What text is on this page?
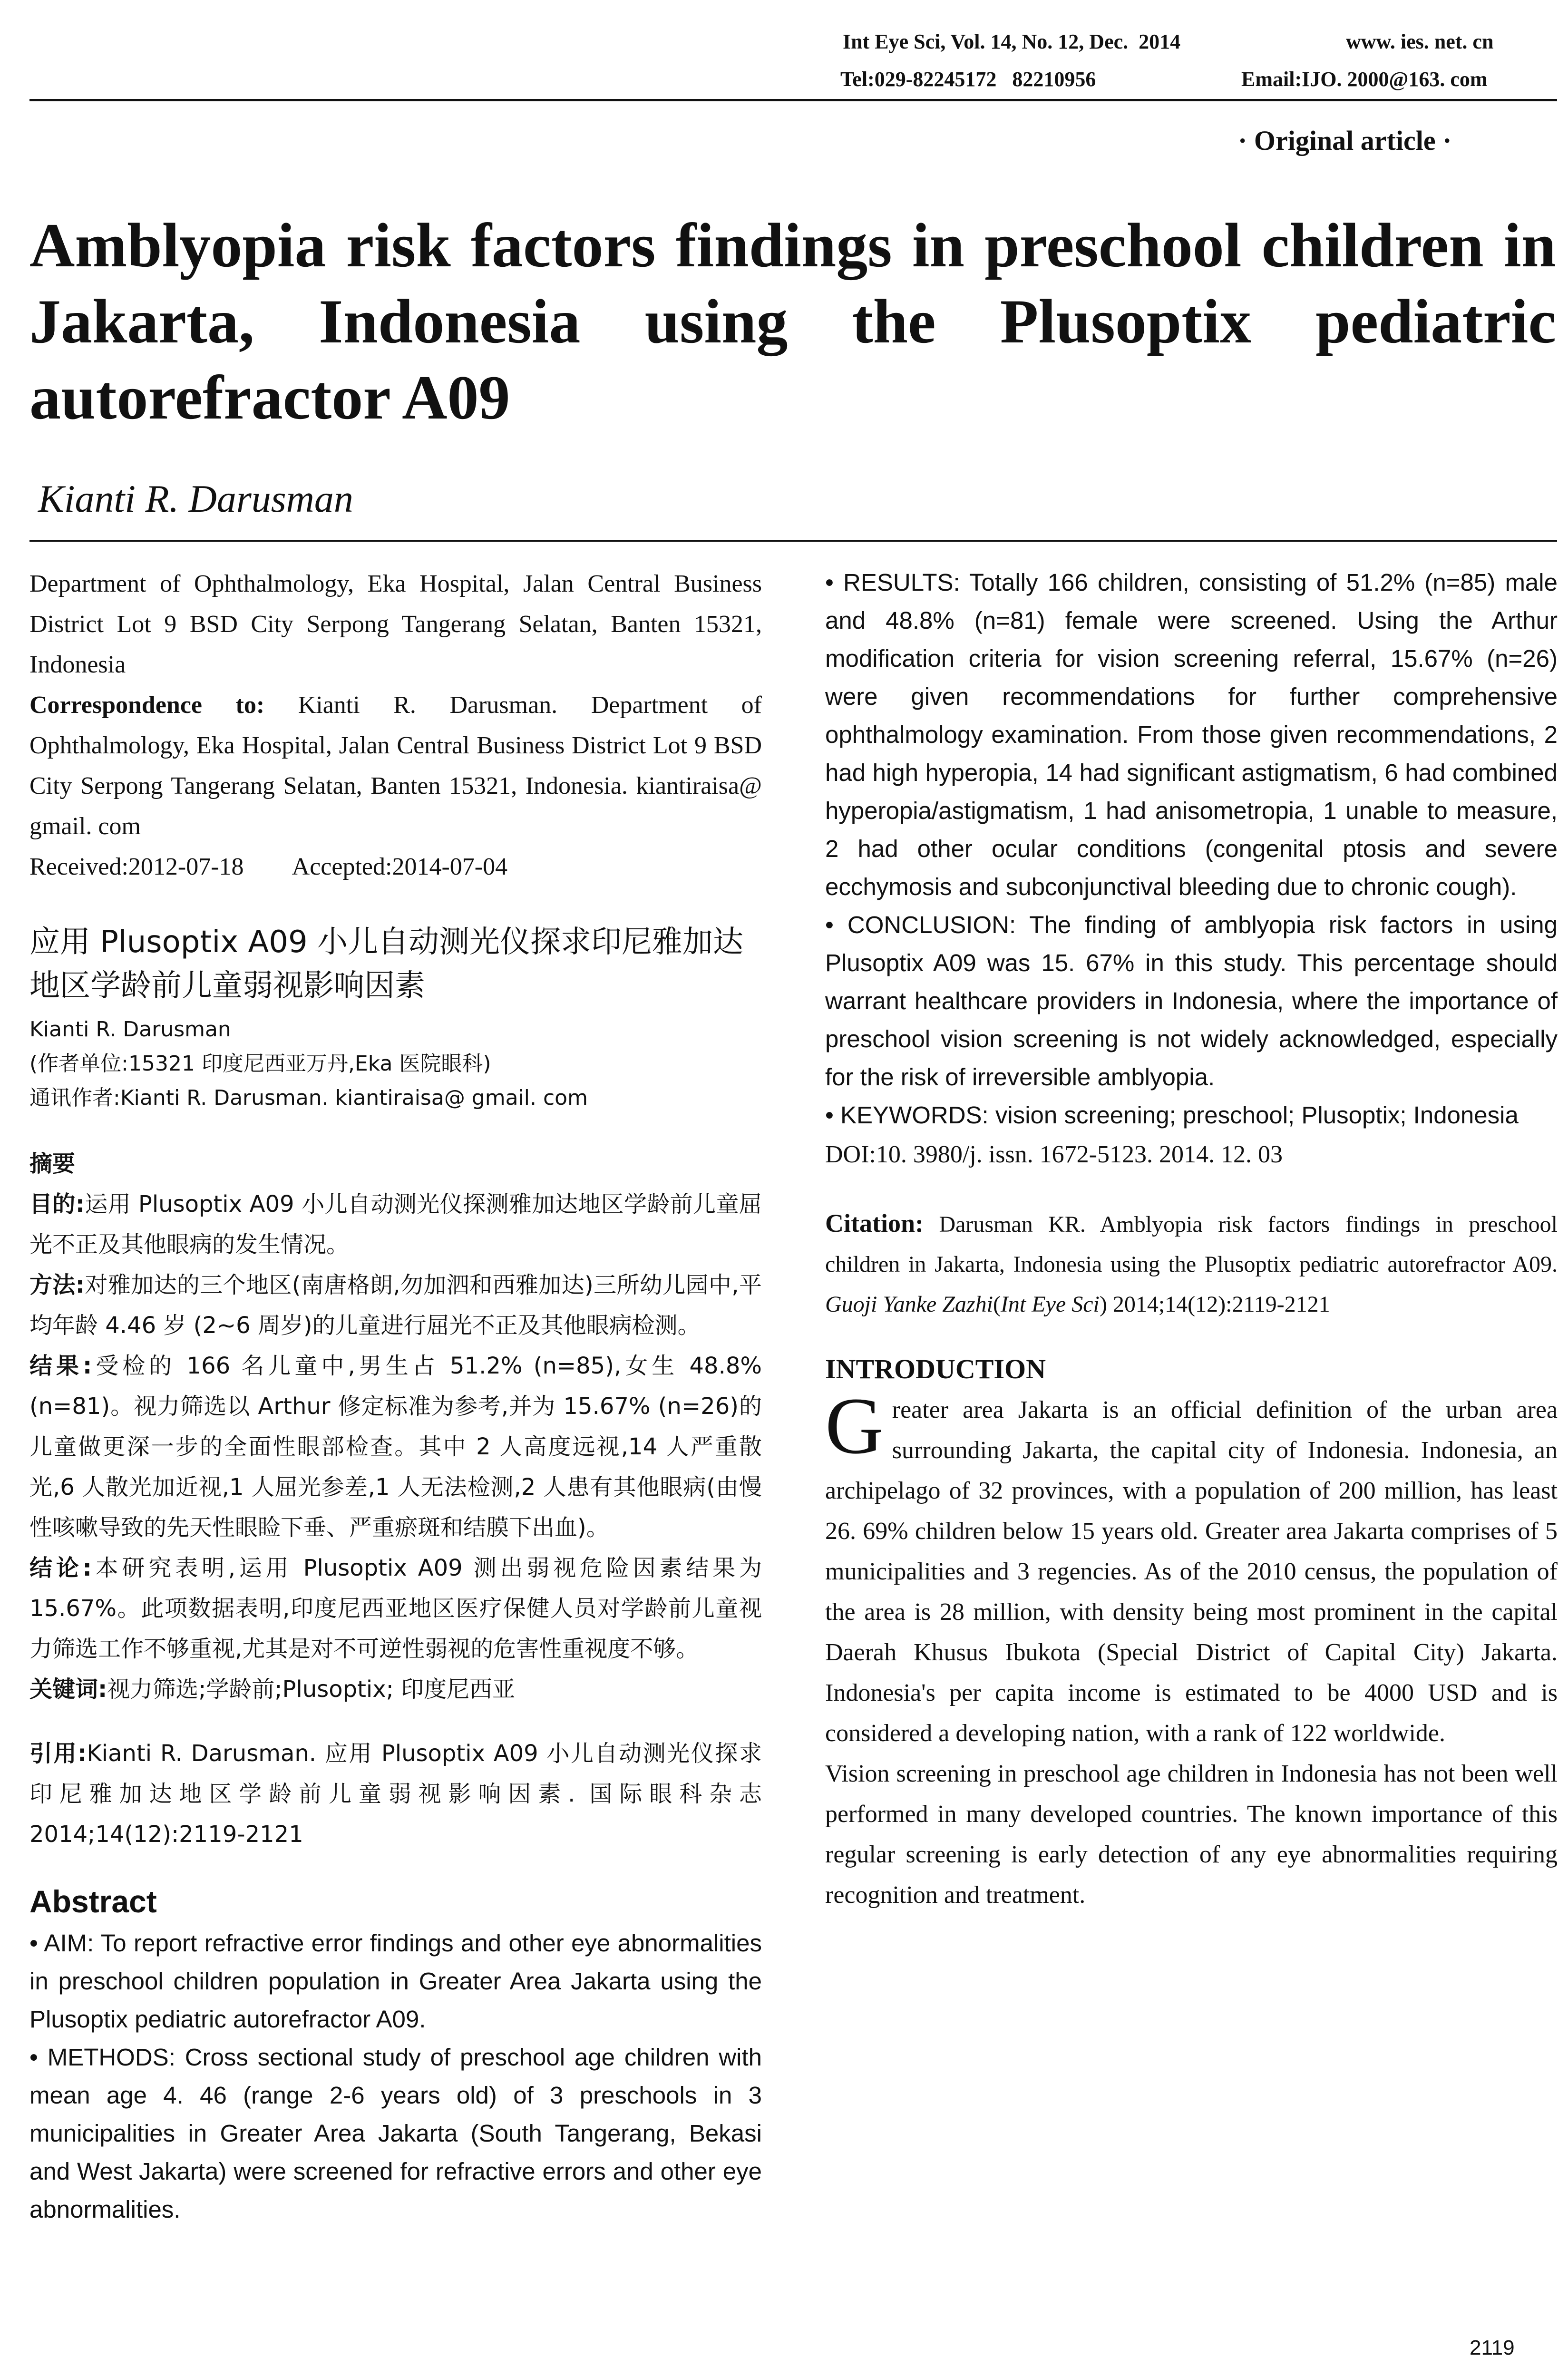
Int Eye Sci, Vol. 14, No. 12, Dec.  2014	www. ies. net. cn
Tel:029-82245172   82210956	Email:IJO. 2000@163. com
· Original article ·
Amblyopia risk factors findings in preschool children in Jakarta, Indonesia using the Plusoptix pediatric autorefractor A09
Kianti R. Darusman

Department of Ophthalmology, Eka Hospital, Jalan Central Business District Lot 9 BSD City Serpong Tangerang Selatan, Banten 15321, Indonesia

Correspondence to: Kianti R. Darusman. Department of Ophthalmology, Eka Hospital, Jalan Central Business District Lot 9 BSD City Serpong Tangerang Selatan, Banten 15321, Indonesia. kiantiraisa@ gmail. com

Received:2012-07-18 Accepted:2014-07-04

应用 Plusoptix A09 小儿自动测光仪探求印尼雅加达地区学龄前儿童弱视影响因素

Kianti R. Darusman

(作者单位:15321 印度尼西亚万丹,Eka 医院眼科)

通讯作者:Kianti R. Darusman. kiantiraisa@ gmail. com

摘要

目的:运用 Plusoptix A09 小儿自动测光仪探测雅加达地区学龄前儿童屈光不正及其他眼病的发生情况。

方法:对雅加达的三个地区(南唐格朗,勿加泗和西雅加达)三所幼儿园中,平均年龄 4.46 岁 (2~6 周岁)的儿童进行屈光不正及其他眼病检测。

结果:受检的 166 名儿童中,男生占 51.2% (n=85),女生 48.8% (n=81)。视力筛选以 Arthur 修定标准为参考,并为 15.67% (n=26)的儿童做更深一步的全面性眼部检查。其中 2 人高度远视,14 人严重散光,6 人散光加近视,1 人屈光参差,1 人无法检测,2 人患有其他眼病(由慢性咳嗽导致的先天性眼睑下垂、严重瘀斑和结膜下出血)。

结论:本研究表明,运用 Plusoptix A09 测出弱视危险因素结果为 15.67%。此项数据表明,印度尼西亚地区医疗保健人员对学龄前儿童视力筛选工作不够重视,尤其是对不可逆性弱视的危害性重视度不够。

关键词:视力筛选;学龄前;Plusoptix; 印度尼西亚

引用:Kianti R. Darusman. 应用 Plusoptix A09 小儿自动测光仪探求印尼雅加达地区学龄前儿童弱视影响因素. 国际眼科杂志 2014;14(12):2119-2121

Abstract

• AIM: To report refractive error findings and other eye abnormalities in preschool children population in Greater Area Jakarta using the Plusoptix pediatric autorefractor A09.

• METHODS: Cross sectional study of preschool age children with mean age 4. 46 (range 2-6 years old) of 3 preschools in 3 municipalities in Greater Area Jakarta (South Tangerang, Bekasi and West Jakarta) were screened for refractive errors and other eye abnormalities.

• RESULTS: Totally 166 children, consisting of 51.2% (n=85) male and 48.8% (n=81) female were screened. Using the Arthur modification criteria for vision screening referral, 15.67% (n=26) were given recommendations for further comprehensive ophthalmology examination. From those given recommendations, 2 had high hyperopia, 14 had significant astigmatism, 6 had combined hyperopia/astigmatism, 1 had anisometropia, 1 unable to measure, 2 had other ocular conditions (congenital ptosis and severe ecchymosis and subconjunctival bleeding due to chronic cough).

• CONCLUSION: The finding of amblyopia risk factors in using Plusoptix A09 was 15. 67% in this study. This percentage should warrant healthcare providers in Indonesia, where the importance of preschool vision screening is not widely acknowledged, especially for the risk of irreversible amblyopia.

• KEYWORDS: vision screening; preschool; Plusoptix; Indonesia

DOI:10. 3980/j. issn. 1672-5123. 2014. 12. 03

Citation: Darusman KR. Amblyopia risk factors findings in preschool children in Jakarta, Indonesia using the Plusoptix pediatric autorefractor A09. Guoji Yanke Zazhi(Int Eye Sci) 2014;14(12):2119-2121

INTRODUCTION

Greater area Jakarta is an official definition of the urban area surrounding Jakarta, the capital city of Indonesia. Indonesia, an archipelago of 32 provinces, with a population of 200 million, has least 26. 69% children below 15 years old. Greater area Jakarta comprises of 5 municipalities and 3 regencies. As of the 2010 census, the population of the area is 28 million, with density being most prominent in the capital Daerah Khusus Ibukota (Special District of Capital City) Jakarta. Indonesia's per capita income is estimated to be 4000 USD and is considered a developing nation, with a rank of 122 worldwide.

Vision screening in preschool age children in Indonesia has not been well performed in many developed countries. The known importance of this regular screening is early detection of any eye abnormalities requiring recognition and treatment.

2119
